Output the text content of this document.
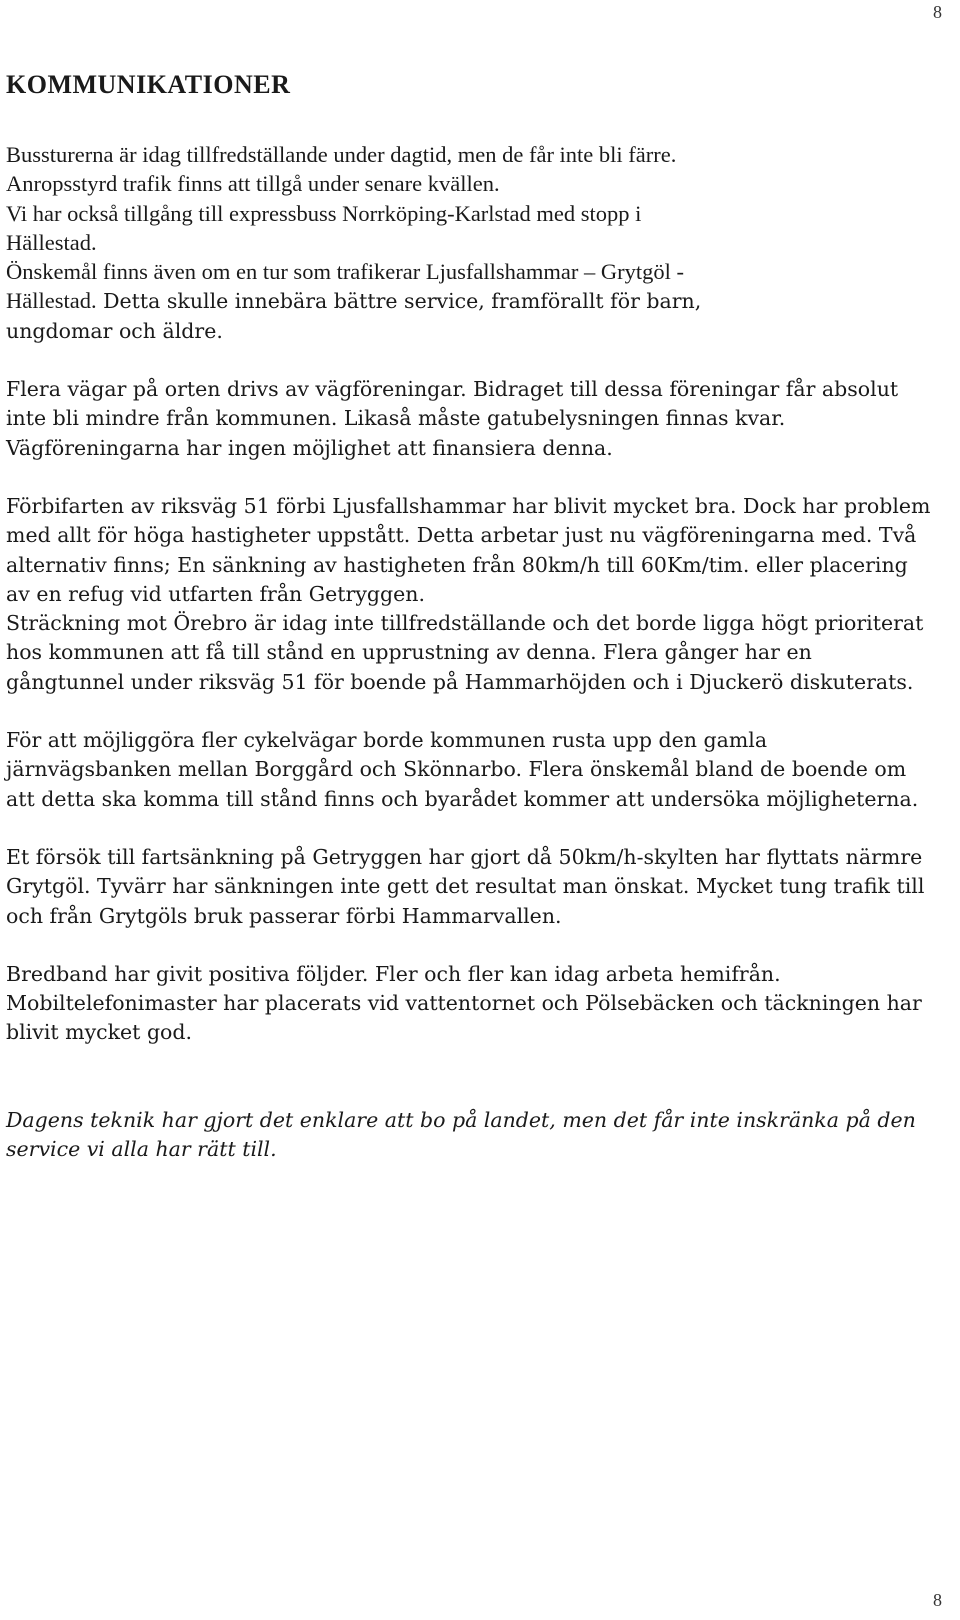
8
KOMMUNIKATIONER
Bussturerna är idag tillfredställande under dagtid, men de får inte bli färre.
Anropsstyrd trafik finns att tillgå under senare kvällen.
Vi har också tillgång till expressbuss Norrköping-Karlstad med stopp i
Hällestad.
Önskemål finns även om en tur som trafikerar Ljusfallshammar – Grytgöl -
Hällestad. Detta skulle innebära bättre service, framförallt för barn,
ungdomar och äldre.
Flera vägar på orten drivs av vägföreningar. Bidraget till dessa föreningar får absolut inte bli mindre från kommunen. Likaså måste gatubelysningen finnas kvar. Vägföreningarna har ingen möjlighet att finansiera denna.
Förbifarten av riksväg 51 förbi Ljusfallshammar har blivit mycket bra. Dock har problem med allt för höga hastigheter uppstått. Detta arbetar just nu vägföreningarna med. Två alternativ finns; En sänkning av hastigheten från 80km/h till 60Km/tim. eller placering av en refug vid utfarten från Getryggen.
Sträckning mot Örebro är idag inte tillfredställande och det borde ligga högt prioriterat hos kommunen att få till stånd en upprustning av denna. Flera gånger har en gångtunnel under riksväg 51 för boende på Hammarhöjden och i Djuckerö diskuterats.
För att möjliggöra fler cykelvägar borde kommunen rusta upp den gamla järnvägsbanken mellan Borggård och Skönnarbo. Flera önskemål bland de boende om att detta ska komma till stånd finns och byarådet kommer att undersöka möjligheterna.
Et försök till fartsänkning på Getryggen har gjort då 50km/h-skylten har flyttats närmre Grytgöl. Tyvärr har sänkningen inte gett det resultat man önskat. Mycket tung trafik till och från Grytgöls bruk passerar förbi Hammarvallen.
Bredband har givit positiva följder. Fler och fler kan idag arbeta hemifrån. Mobiltelefonimaster har placerats vid vattentornet och Pölsebäcken och täckningen har blivit mycket god.
Dagens teknik har gjort det enklare att bo på landet, men det får inte inskränka på den service vi alla har rätt till.
8
